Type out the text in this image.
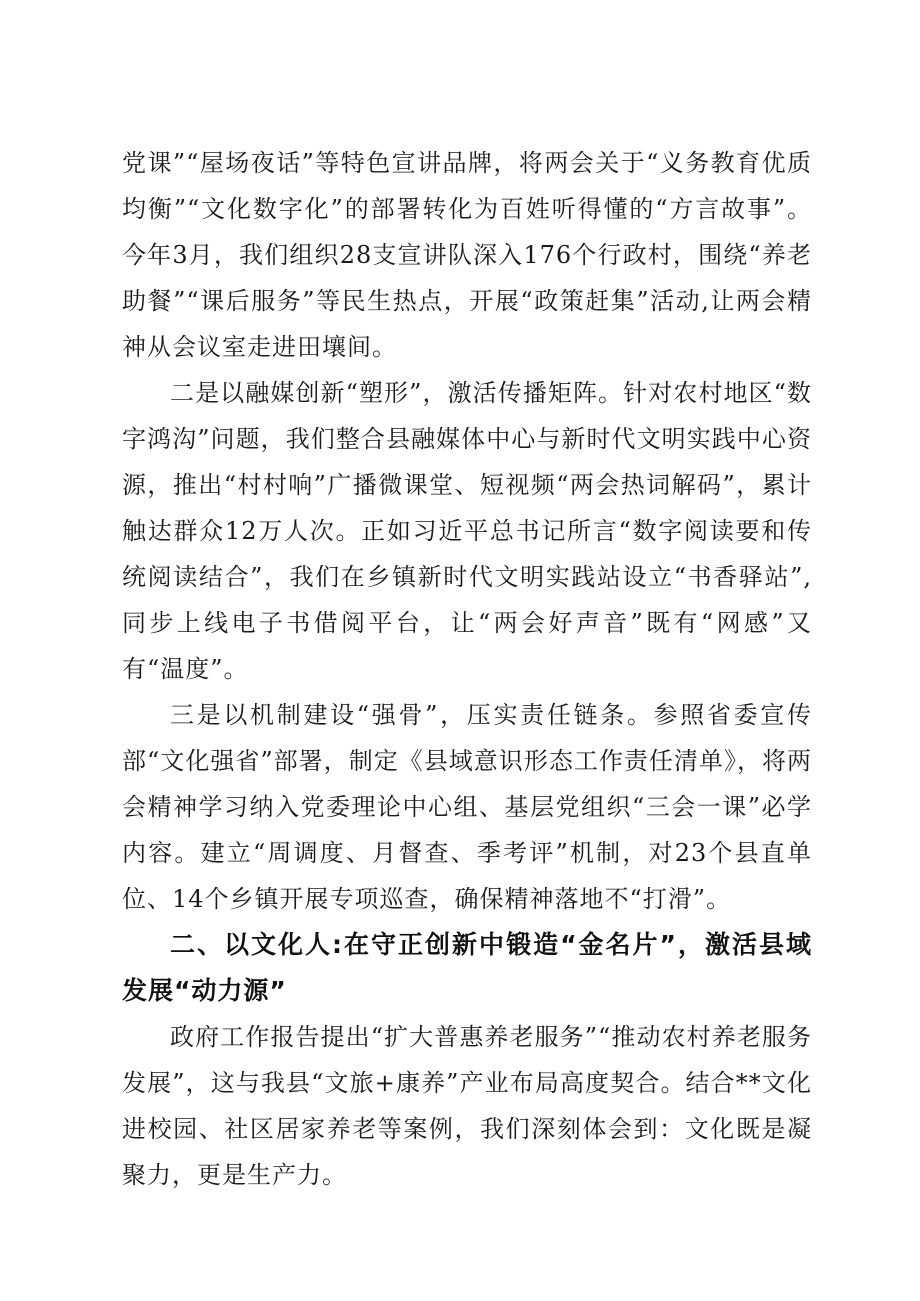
党课”“屋场夜话”等特色宣讲品牌，将两会关于“义务教育优质均衡”“文化数字化”的部署转化为百姓听得懂的“方言故事”。今年3月，我们组织28支宣讲队深入176个行政村，围绕“养老助餐”“课后服务”等民生热点，开展“政策赶集”活动,让两会精神从会议室走进田壤间。

二是以融媒创新“塑形”，激活传播矩阵。针对农村地区“数字鸿沟”问题，我们整合县融媒体中心与新时代文明实践中心资源，推出“村村响”广播微课堂、短视频“两会热词解码”，累计触达群众12万人次。正如习近平总书记所言“数字阅读要和传统阅读结合”，我们在乡镇新时代文明实践站设立“书香驿站”,同步上线电子书借阅平台，让“两会好声音”既有“网感”又有“温度”。

三是以机制建设“强骨”，压实责任链条。参照省委宣传部“文化强省”部署，制定《县域意识形态工作责任清单》，将两会精神学习纳入党委理论中心组、基层党组织“三会一课”必学内容。建立“周调度、月督查、季考评”机制，对23个县直单位、14个乡镇开展专项巡查，确保精神落地不“打滑”。

二、以文化人:在守正创新中锻造“金名片”，激活县域发展“动力源”

政府工作报告提出“扩大普惠养老服务”“推动农村养老服务发展”，这与我县“文旅+康养”产业布局高度契合。结合**文化进校园、社区居家养老等案例，我们深刻体会到：文化既是凝聚力，更是生产力。
